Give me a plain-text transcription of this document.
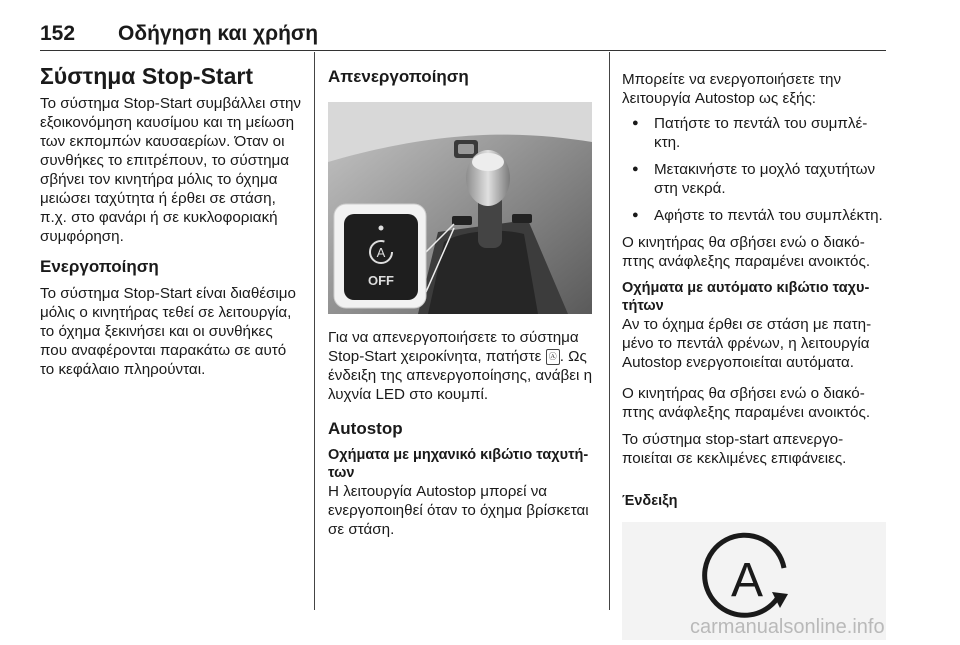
152 Οδήγηση και χρήση
Σύστημα Stop-Start

Το σύστημα Stop-Start συμβάλλει στην εξοικονόμηση καυσίμου και τη μείωση των εκπομπών καυσαερίων. Όταν οι συνθήκες το επιτρέπουν, το σύστημα σβήνει τον κινητήρα μόλις το όχημα μειώσει ταχύτητα ή έρθει σε στάση, π.χ. στο φανάρι ή σε κυκλοφοριακή συμφόρηση.

Ενεργοποίηση

Το σύστημα Stop-Start είναι διαθέσιμο μόλις ο κινητήρας τεθεί σε λειτουργία, το όχημα ξεκινήσει και οι συνθήκες που αναφέρονται παρακάτω σε αυτό το κεφάλαιο πληρούνται.

Απενεργοποίηση
A
OFF

Για να απενεργοποιήσετε το σύστημα Stop-Start χειροκίνητα, πατήστε Ⓐ . Ως ένδειξη της απενεργοποίησης, ανάβει η λυχνία LED στο κουμπί.

Autostop
Οχήματα με μηχανικό κιβώτιο ταχυτήτων

Η λειτουργία Autostop μπορεί να ενεργοποιηθεί όταν το όχημα βρίσκεται σε στάση.

Μπορείτε να ενεργοποιήσετε την λειτουργία Autostop ως εξής:

● Πατήστε το πεντάλ του συμπλέκτη.
● Μετακινήστε το μοχλό ταχυτήτων στη νεκρά.
● Αφήστε το πεντάλ του συμπλέκτη.

Ο κινητήρας θα σβήσει ενώ ο διακόπτης ανάφλεξης παραμένει ανοικτός.

Οχήματα με αυτόματο κιβώτιο ταχυτήτων

Αν το όχημα έρθει σε στάση με πατημένο το πεντάλ φρένων, η λειτουργία Autostop ενεργοποιείται αυτόματα.

Ο κινητήρας θα σβήσει ενώ ο διακόπτης ανάφλεξης παραμένει ανοικτός.

Το σύστημα stop-start απενεργοποιείται σε κεκλιμένες επιφάνειες.

Ένδειξη
A
carmanualsonline.info
